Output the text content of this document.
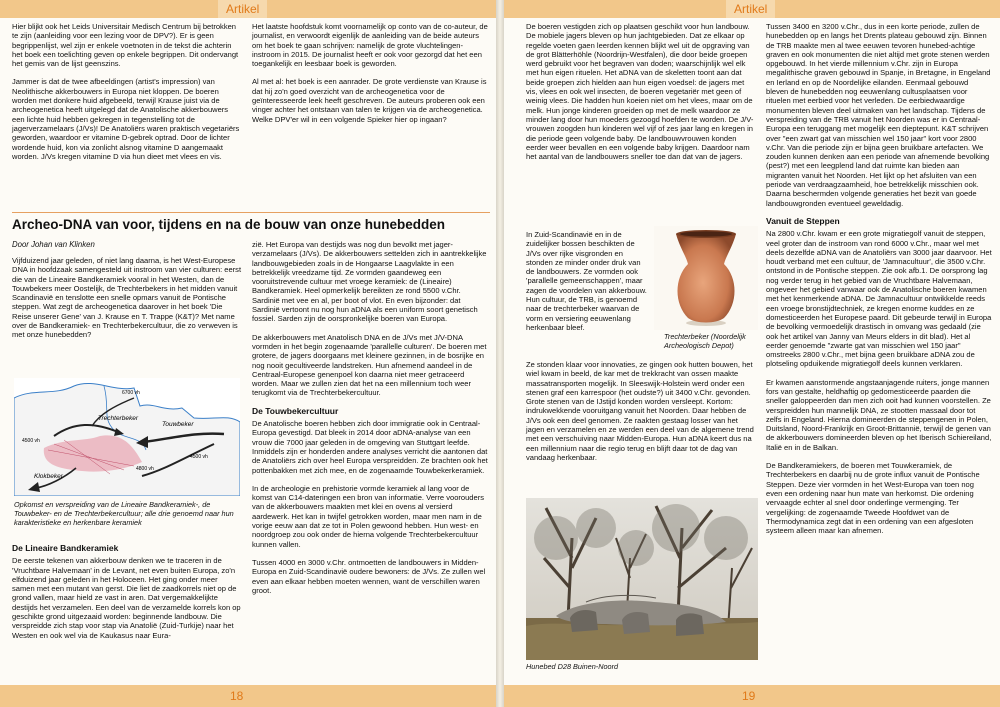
Artikel

Hier blijkt ook het Leids Universitair Medisch Centrum bij betrokken te zijn (aanleiding voor een lezing voor de DPV?). Er is geen begrippenlijst, wel zijn er enkele voetnoten in de tekst die achterin het boek een toelichting geven op enkele begrippen. Dit ondervangt het gemis van de lijst geenszins.

Jammer is dat de twee afbeeldingen (artist's impression) van Neolithische akkerbouwers in Europa niet kloppen. De boeren worden met donkere huid afgebeeld, terwijl Krause juist via de archeogenetica heeft uitgelegd dat de Anatolische akkerbouwers een lichte huid hebben gekregen in tegenstelling tot de jagerverzamelaars (J/Vs)! De Anatoliërs waren praktisch vegetariërs geworden, waardoor er vitamine D-gebrek optrad. Door de lichter wordende huid, kon via zonlicht alsnog vitamine D aangemaakt worden. J/Vs kregen vitamine D via hun dieet met vlees en vis.

Het laatste hoofdstuk komt voornamelijk op conto van de co-auteur, de journalist, en verwoordt eigenlijk de aanleiding van de beide auteurs om het boek te gaan schrijven: namelijk de grote vluchtelingen-instroom in 2015. De journalist heeft er ook voor gezorgd dat het een toegankelijk en leesbaar boek is geworden.

Al met al: het boek is een aanrader. De grote verdienste van Krause is dat hij zo'n goed overzicht van de archeogenetica voor de geïnteresseerde leek heeft geschreven. De auteurs proberen ook een vinger achter het ontstaan van talen te krijgen via de archeogenetica. Welke DPV'er wil in een volgende Spieker hier op ingaan?

Archeo-DNA van voor, tijdens en na de bouw van onze hunebedden
Door Johan van Klinken

Vijfduizend jaar geleden, of niet lang daarna, is het West-Europese DNA in hoofdzaak samengesteld uit instroom van vier culturen: eerst die van de Lineaire Bandkeramiek vooral in het Westen, dan de Touwbekers meer Oostelijk, de Trechterbekers in het midden vanuit Scandinavië en tenslotte een snelle opmars vanuit de Pontische steppen. Wat zegt de archeogenetica daarover in het boek 'Die Reise unserer Gene' van J. Krause en T. Trappe (K&T)? Met name over de Bandkeramiek- en Trechterbekercultuur, die zo verweven is met onze hunebedden?

Trechterbeker
Touwbeker
Klokbeker
6700 vh
4500 vh
4500 vh
4800 vh
Opkomst en verspreiding van de Lineaire Bandkeramiek-, de Touwbeker- en de Trechterbekercultuur; alle drie genoemd naar hun karakteristieke en herkenbare keramiek
De Lineaire Bandkeramiek

De eerste tekenen van akkerbouw denken we te traceren in de 'Vruchtbare Halvemaan' in de Levant, net even buiten Europa, zo'n elfduizend jaar geleden in het Holoceen. Het ging onder meer samen met een mutant van gerst. Die liet de zaadkorrels niet op de grond vallen, maar hield ze vast in aren. Dat vergemakkelijkte destijds het verzamelen. Een deel van de verzamelde korrels kon op geschikte grond uitgezaaid worden: beginnende landbouw. Die verspreidde zich stap voor stap via Anatolië (Zuid-Turkije) naar het Westen en ook wel via de Kaukasus naar Eura-

zië. Het Europa van destijds was nog dun bevolkt met jager-verzamelaars (J/Vs). De akkerbouwers settelden zich in aantrekkelijke landbouwgebieden zoals in de Hongaarse Laagvlakte in een betrekkelijk vreedzame tijd. Ze vormden gaandeweg een vooruitstrevende cultuur met vroege keramiek: de (Lineaire) Bandkeramiek. Heel opmerkelijk bereikten ze rond 5500 v.Chr. Sardinië met vee en al, per boot of vlot. En even bijzonder: dat Sardinië vertoont nu nog hun aDNA als een uniform soort genetisch fossiel. Sarden zijn de oorspronkelijke boeren van Europa.

De akkerbouwers met Anatolisch DNA en de J/Vs met J/V-DNA vormden in het begin zogenaamde 'parallelle culturen'. De boeren met grotere, de jagers doorgaans met kleinere gezinnen, in de bosrijke en nog nooit gecultiveerde landstreken. Hun afnemend aandeel in de Centraal-Europese genenpoel kon daarna niet meer getraceerd worden. Maar we zullen zien dat het na een millennium toch weer terugkomt via de Trechterbekercultuur.

De Touwbekercultuur

De Anatolische boeren hebben zich door immigratie ook in Centraal-Europa gevestigd. Dat bleek in 2014 door aDNA-analyse van een vrouw die 7000 jaar geleden in de omgeving van Stuttgart leefde. Inmiddels zijn er honderden andere analyses verricht die aantonen dat de Anatoliërs zich over heel Europa verspreidden. Ze brachten ook het pottenbakken met zich mee, en de zogenaamde Touwbekerkeramiek.

In de archeologie en prehistorie vormde keramiek al lang voor de komst van C14-dateringen een bron van informatie. Verre voorouders van de akkerbouwers maakten met klei en ovens al versierd aardewerk. Het kan in twijfel getrokken worden, maar men nam in de vorige eeuw aan dat ze tot in Polen gewoond hebben. Hun west- en noordgroep zou ook onder de hierna volgende Trechterbekercultuur kunnen vallen.

Tussen 4000 en 3000 v.Chr. ontmoetten de landbouwers in Midden-Europa en Zuid-Scandinavië oudere bewoners: de J/Vs. Ze zullen wel even aan elkaar hebben moeten wennen, want de verschillen waren groot.

18
Artikel

De boeren vestigden zich op plaatsen geschikt voor hun landbouw. De mobiele jagers bleven op hun jachtgebieden. Dat ze elkaar op regelde voeten gaen leerden kennen blijkt wel uit de opgraving van de grot Blätterhöhle (Noordrijn-Westfalen), die door beide groepen werd gebruikt voor het begraven van doden; waarschijnlijk wel elk met hun eigen rituelen. Het aDNA van de skeletten toont aan dat beide groepen zich hielden aan hun eigen voedsel: de jagers met vis, vlees en ook wel insecten, de boeren vegetariër met geen of weinig vlees. Die hadden hun koeien niet om het vlees, maar om de melk. Hun jonge kinderen groeiden op met de melk waardoor ze minder lang door hun moeders gezoogd hoefden te worden. De J/V-vrouwen zoogden hun kinderen wel vijf of zes jaar lang en kregen in die periode geen volgende baby. De landbouwvrouwen konden eerder weer bevallen en een volgende baby krijgen. Daardoor nam het aantal van de landbouwers sneller toe dan dat van de jagers.

In Zuid-Scandinavië en in de zuidelijker bossen beschikten de J/Vs over rijke visgronden en stonden ze minder onder druk van de landbouwers. Ze vormden ook 'parallelle gemeenschappen', maar zagen de voordelen van akkerbouw. Hun cultuur, de TRB, is genoemd naar de trechterbeker waarvan de vorm en versiering eeuwenlang herkenbaar bleef.

Trechterbeker (Noordelijk Archeologisch Depot)

Ze stonden klaar voor innovaties, ze gingen ook hutten bouwen, het wiel kwam in beeld, de kar met de trekkracht van ossen maakte massatransporten mogelijk. In Sleeswijk-Holstein werd onder een stenen graf een karrespoor (het oudste?) uit 3400 v.Chr. gevonden. Grote stenen van de IJstijd konden worden versleept. Kortom: indrukwekkende vooruitgang vanuit het Noorden. Daar hebben de J/Vs ook een deel genomen. Ze raakten gestaag losser van het jagen en verzamelen en ze werden een deel van de algemene trend met een verschuiving naar Midden-Europa. Hun aDNA keert dus na een millennium naar die regio terug en blijft daar tot de dag van vandaag herkenbaar.

Hunebed D28 Buinen-Noord

Tussen 3400 en 3200 v.Chr., dus in een korte periode, zullen de hunebedden op en langs het Drents plateau gebouwd zijn. Binnen de TRB maakte men al twee eeuwen tevoren hunebed-achtige graven en ook monumenten die niet altijd met grote stenen werden opgebouwd. In het vierde millennium v.Chr. zijn in Europa megalithische graven gebouwd in Spanje, in Bretagne, in Engeland en Ierland en op de Noordelijke eilanden. Eenmaal gebouwd bleven de hunebedden nog eeuwenlang cultusplaatsen voor rituelen met eerbied voor het verleden. De eerbiedwaardige monumenten bleven deel uitmaken van het landschap. Tijdens de verspreiding van de TRB vanuit het Noorden was er in Centraal-Europa een teruggang met mogelijk een dieptepunt. K&T schrijven over "een zwart gat van misschien wel 150 jaar" kort voor 2800 v.Chr. Van die periode zijn er bijna geen bruikbare artefacten. We zouden kunnen denken aan een periode van afnemende bevolking (pest?) met een leegplend land dat ruimte kan bieden aan migranten vanuit het Noorden. Het lijkt op het afsluiten van een periode van verdraagzaamheid, hoe betrekkelijk misschien ook. Daarna beschermden volgende generaties het bezit van goede landbouwgronden eventueel geweldadig.

Vanuit de Steppen

Na 2800 v.Chr. kwam er een grote migratiegolf vanuit de steppen, veel groter dan de instroom van rond 6000 v.Chr., maar wel met deels dezelfde aDNA van de Anatoliërs van 3000 jaar daarvoor. Het houdt verband met een cultuur, de 'Jamnacultuur', die 3500 v.Chr. ontstond in de Pontische steppen. Zie ook afb.1. De oorsprong lag nog verder terug in het gebied van de Vruchtbare Halvemaan, ongeveer het gebied vanwaar ook de Anatolische boeren kwamen met het kenmerkende aDNA. De Jamnacultuur ontwikkelde reeds een vroege bronstijdtechniek, ze kregen enorme kuddes en ze domesticeerden het Europese paard. Dit gebeurde terwijl in Europa de bevolking vermoedelijk drastisch in omvang was gedaald (zie ook het artikel van Janny van Meurs elders in dit blad). Het al eerder genoemde "zwarte gat van misschien wel 150 jaar" omstreeks 2800 v.Chr., met bijna geen bruikbare aDNA zou de plotseling opduikende migratiegolf deels kunnen verklaren.

Er kwamen aanstormende angstaanjagende ruiters, jonge mannen fors van gestalte, heldhaftig op gedomesticeerde paarden die sneller galoppeerden dan men zich ooit had kunnen voorstellen. Ze verspreidden hun mannelijk DNA, ze stootten massaal door tot zelfs in Engeland. Hierna domineerden de steppengenen in Polen, Duitsland, Noord-Frankrijk en Groot-Brittannië, terwijl de genen van de akkerbouwers domineerden bleven op het Iberisch Schiereiland, Italië en in de Balkan.

De Bandkeramiekers, de boeren met Touwkeramiek, de Trechterbekers en daarbij nu de grote influx vanuit de Pontische Steppen. Deze vier vormden in het West-Europa van toen nog even een ordening naar hun mate van herkomst. Die ordening vervaagde echter al snel door onderlinge vermenging. Ter vergelijking: de zogenaamde Tweede Hoofdwet van de Thermodynamica zegt dat in een ordening van een afgesloten systeem alleen maar kan afnemen.

19
